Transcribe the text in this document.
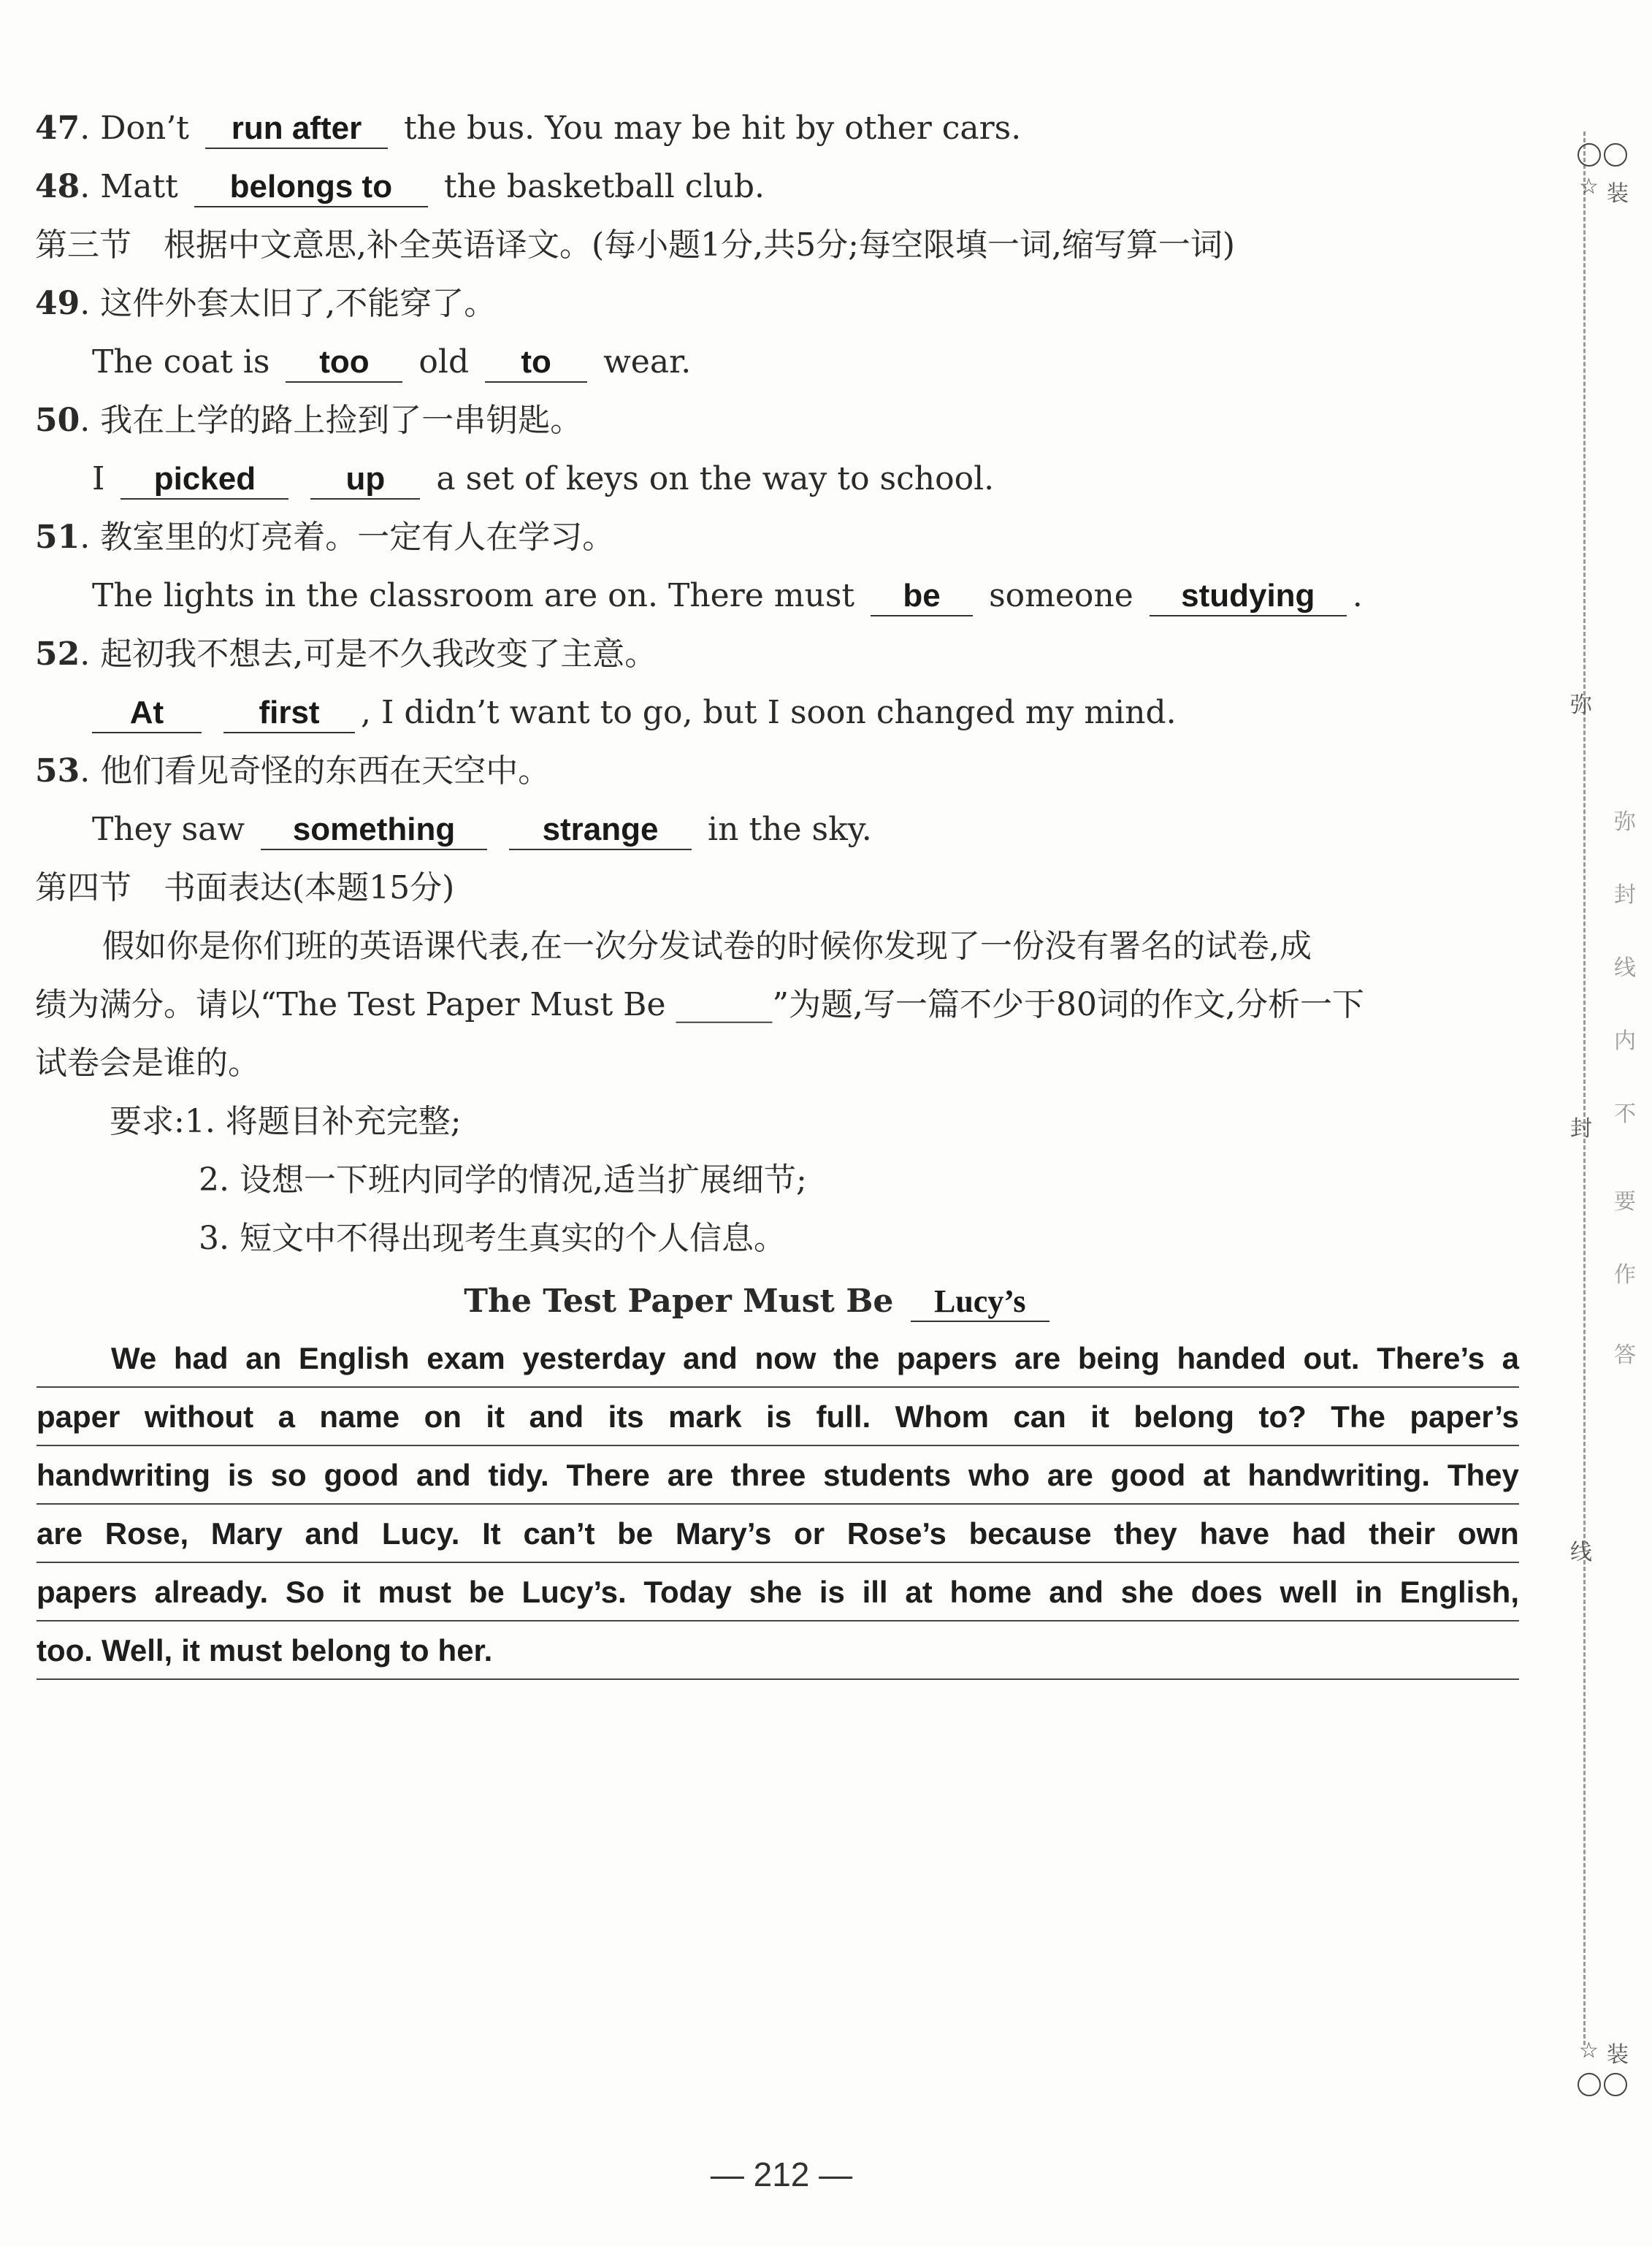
47. Don’t run after the bus. You may be hit by other cars.
48. Matt belongs to the basketball club.
第三节　根据中文意思,补全英语译文。(每小题1分,共5分;每空限填一词,缩写算一词)
49. 这件外套太旧了,不能穿了。
The coat is too old to wear.
50. 我在上学的路上捡到了一串钥匙。
I picked	up a set of keys on the way to school.
51. 教室里的灯亮着。一定有人在学习。
The lights in the classroom are on. There must be someone studying .
52. 起初我不想去,可是不久我改变了主意。
At	first , I didn’t want to go, but I soon changed my mind.
53. 他们看见奇怪的东西在天空中。
They saw something	strange in the sky.
第四节　书面表达(本题15分)
假如你是你们班的英语课代表,在一次分发试卷的时候你发现了一份没有署名的试卷,成
绩为满分。请以“The Test Paper Must Be ______”为题,写一篇不少于80词的作文,分析一下
试卷会是谁的。
要求:1. 将题目补充完整;
2. 设想一下班内同学的情况,适当扩展细节;
3. 短文中不得出现考生真实的个人信息。
The Test Paper Must Be Lucy’s
We had an English exam yesterday and now the papers are being handed out. There’s a
paper without a name on it and its mark is full. Whom can it belong to? The paper’s
handwriting is so good and tidy. There are three students who are good at handwriting. They
are Rose, Mary and Lucy. It can’t be Mary’s or Rose’s because they have had their own
papers already. So it must be Lucy’s. Today she is ill at home and she does well in English,
too. Well, it must belong to her.
☆ 装
弥
封
线
弥
封
线
内
不
要
作
答
☆ 装
— 212 —
